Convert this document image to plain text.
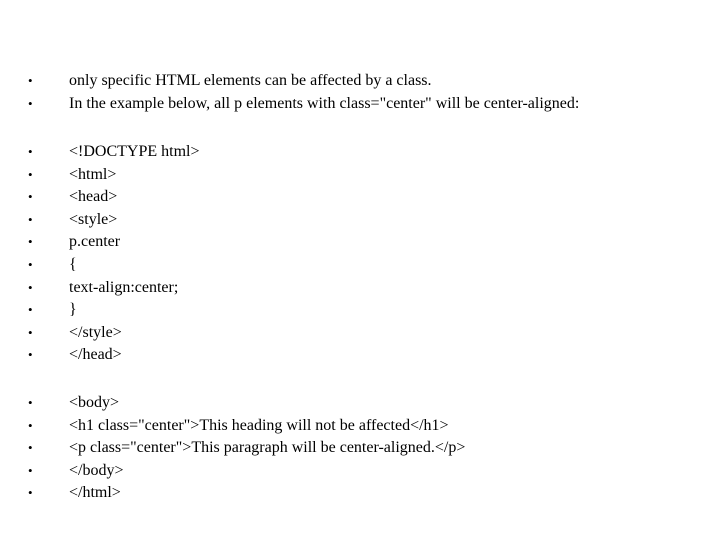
• only specific HTML elements can be affected by a class.
• In the example below, all p elements with class="center" will be center-aligned:
• <!DOCTYPE html>
• <html>
• <head>
• <style>
• p.center
• {
• text-align:center;
• }
• </style>
• </head>
• <body>
• <h1 class="center">This heading will not be affected</h1>
• <p class="center">This paragraph will be center-aligned.</p>
• </body>
• </html>
